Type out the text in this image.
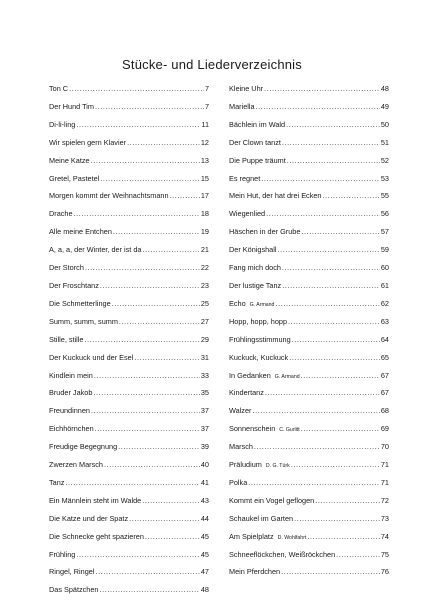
Stücke- und Liederverzeichnis
Ton C .....	7
Der Hund Tim .....	7
Di-li-ling .....	11
Wir spielen gern Klavier .....	12
Meine Katze .....	13
Gretel, Pastetel .....	15
Morgen kommt der Weihnachtsmann .....	17
Drache .....	18
Alle meine Entchen .....	19
A, a, a, der Winter, der ist da .....	21
Der Storch .....	22
Der Froschtanz .....	23
Die Schmetterlinge .....	25
Summ, summ, summ .....	27
Stille, stille .....	29
Der Kuckuck und der Esel .....	31
Kindlein mein .....	33
Bruder Jakob .....	35
Freundinnen .....	37
Eichhörnchen .....	37
Freudige Begegnung .....	39
Zwerzen Marsch .....	40
Tanz .....	41
Ein Männlein steht im Walde .....	43
Die Katze und der Spatz .....	44
Die Schnecke geht spazieren .....	45
Frühling .....	45
Ringel, Ringel .....	47
Das Spätzchen .....	48
Kleine Uhr .....	48
Mariella .....	49
Bächlein im Wald .....	50
Der Clown tanzt .....	51
Die Puppe träumt .....	52
Es regnet .....	53
Mein Hut, der hat drei Ecken .....	55
Wiegenlied .....	56
Häschen in der Grube .....	57
Der Königshall .....	59
Fang mich doch .....	60
Der lustige Tanz .....	61
Echo G. Armand .....	62
Hopp, hopp, hopp .....	63
Frühlingsstimmung .....	64
Kuckuck, Kuckuck .....	65
In Gedanken G. Armand .....	67
Kindertanz .....	67
Walzer .....	68
Sonnenschein C. Gurlitt .....	69
Marsch .....	70
Präludium D. G. Türk .....	71
Polka .....	71
Kommt ein Vogel geflogen .....	72
Schaukel im Garten .....	73
Am Spielplatz D. Wohlfahrt .....	74
Schneeflöckchen, Weißröckchen .....	75
Mein Pferdchen .....	76
